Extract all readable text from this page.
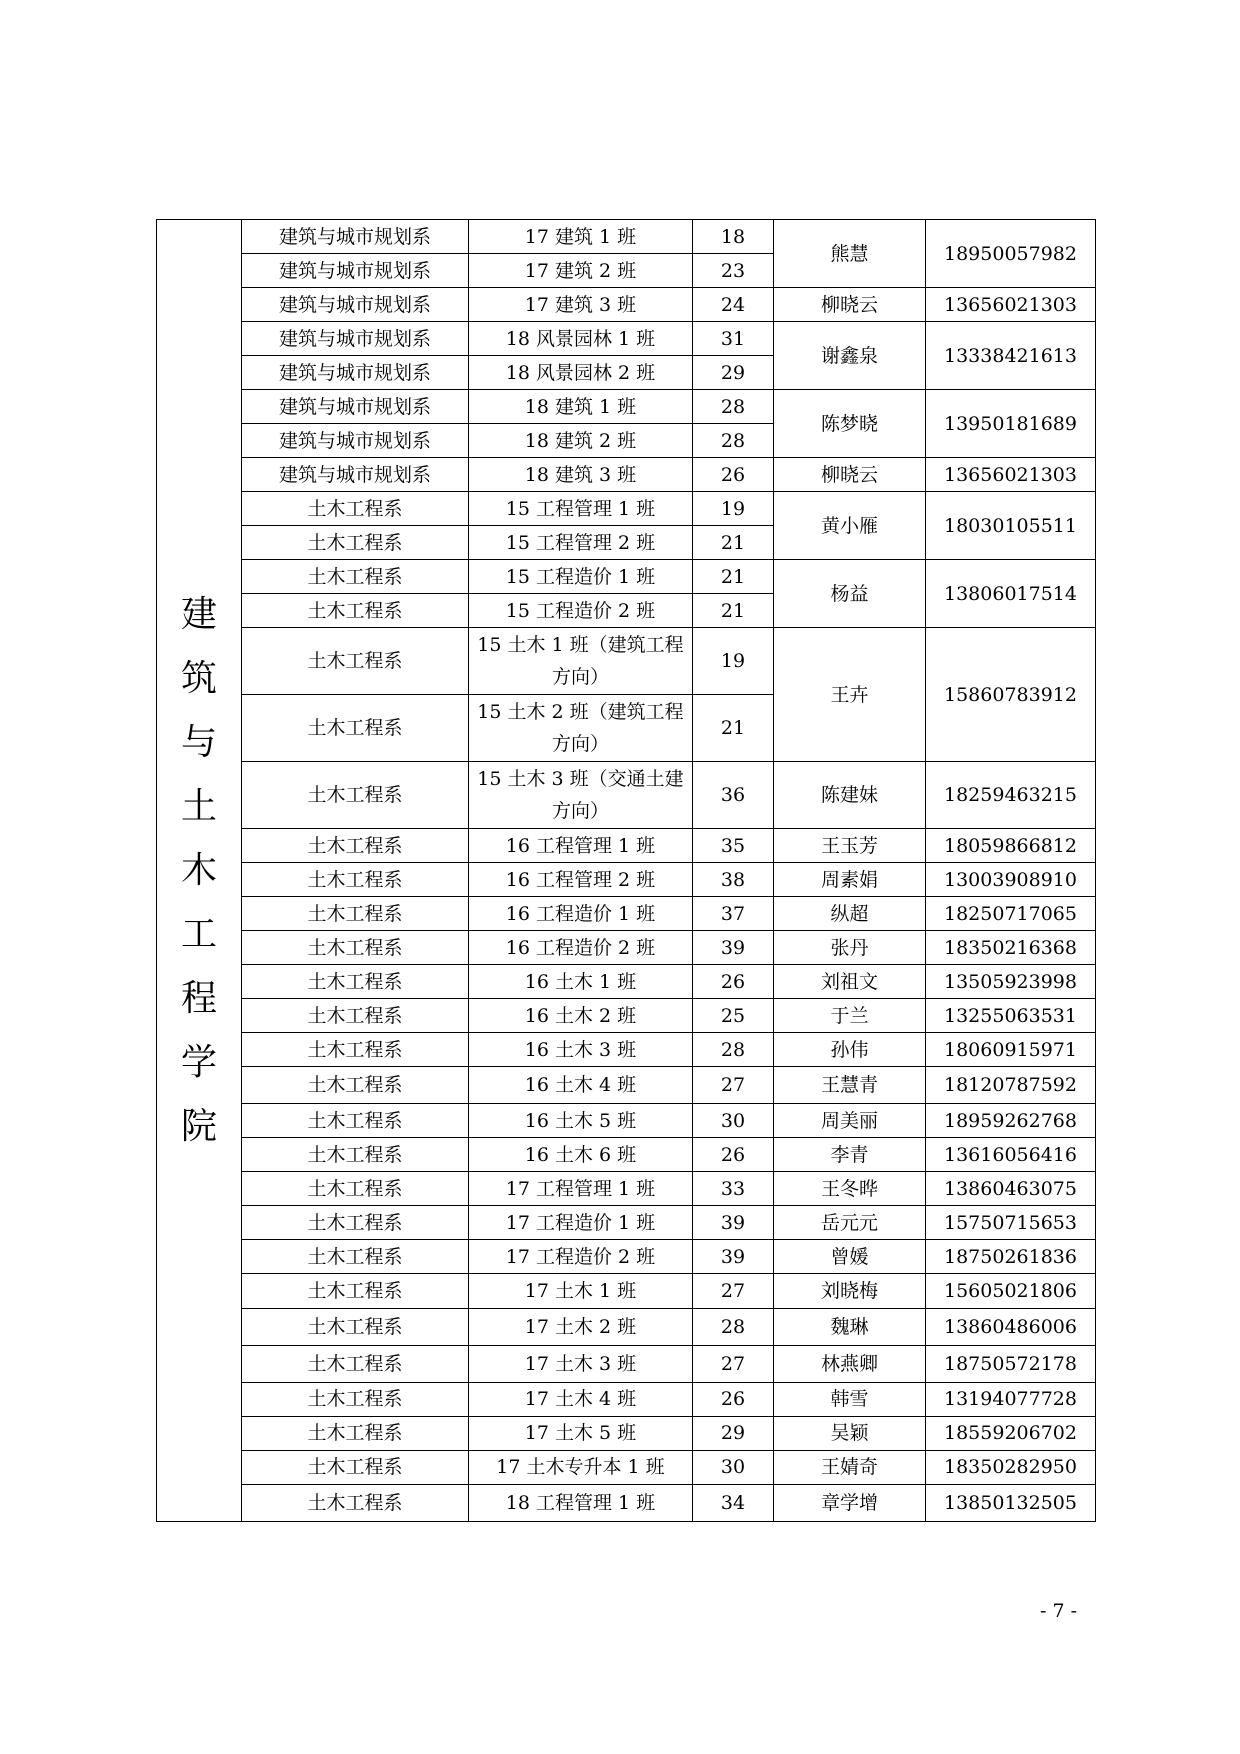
建筑与土木工程学院	建筑与城市规划系	17 建筑 1 班	18	熊慧	18950057982
	建筑与城市规划系	17 建筑 2 班	23		
	建筑与城市规划系	17 建筑 3 班	24	柳晓云	13656021303
	建筑与城市规划系	18 风景园林 1 班	31	谢鑫泉	13338421613
	建筑与城市规划系	18 风景园林 2 班	29		
	建筑与城市规划系	18 建筑 1 班	28	陈梦晓	13950181689
	建筑与城市规划系	18 建筑 2 班	28		
	建筑与城市规划系	18 建筑 3 班	26	柳晓云	13656021303
	土木工程系	15 工程管理 1 班	19	黄小雁	18030105511
	土木工程系	15 工程管理 2 班	21		
	土木工程系	15 工程造价 1 班	21	杨益	13806017514
	土木工程系	15 工程造价 2 班	21		
	土木工程系	15 土木 1 班（建筑工程方向）	19	王卉	15860783912
	土木工程系	15 土木 2 班（建筑工程方向）	21		
	土木工程系	15 土木 3 班（交通土建方向）	36	陈建妹	18259463215
	土木工程系	16 工程管理 1 班	35	王玉芳	18059866812
	土木工程系	16 工程管理 2 班	38	周素娟	13003908910
	土木工程系	16 工程造价 1 班	37	纵超	18250717065
	土木工程系	16 工程造价 2 班	39	张丹	18350216368
	土木工程系	16 土木 1 班	26	刘祖文	13505923998
	土木工程系	16 土木 2 班	25	于兰	13255063531
	土木工程系	16 土木 3 班	28	孙伟	18060915971
	土木工程系	16 土木 4 班	27	王慧青	18120787592
	土木工程系	16 土木 5 班	30	周美丽	18959262768
	土木工程系	16 土木 6 班	26	李青	13616056416
	土木工程系	17 工程管理 1 班	33	王冬晔	13860463075
	土木工程系	17 工程造价 1 班	39	岳元元	15750715653
	土木工程系	17 工程造价 2 班	39	曾媛	18750261836
	土木工程系	17 土木 1 班	27	刘晓梅	15605021806
	土木工程系	17 土木 2 班	28	魏琳	13860486006
	土木工程系	17 土木 3 班	27	林燕卿	18750572178
	土木工程系	17 土木 4 班	26	韩雪	13194077728
	土木工程系	17 土木 5 班	29	吴颖	18559206702
	土木工程系	17 土木专升本 1 班	30	王婧奇	18350282950
	土木工程系	18 工程管理 1 班	34	章学增	13850132505
- 7 -
